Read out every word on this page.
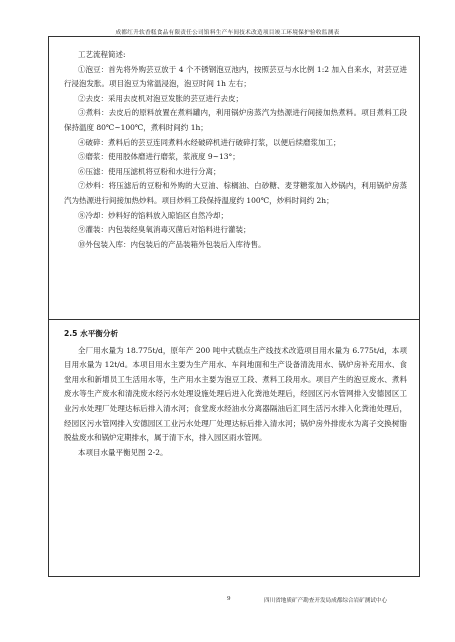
成都红升软香糕食品有限责任公司馅料生产车间技术改造项目竣工环境保护验收监测表

工艺流程简述:

①泡豆：首先将外购芸豆放于 4 个不锈钢泡豆池内，按照芸豆与水比例 1:2 加入自来水，对芸豆进行浸泡发胀。项目泡豆为常温浸泡，泡豆时间 1h 左右；

②去皮：采用去皮机对泡豆发胀的芸豆进行去皮；

③煮料：去皮后的原料放置在煮料罐内，利用锅炉房蒸汽为热源进行间接加热煮料。项目煮料工段保持温度 80℃~100℃，煮料时间约 1h；

④破碎：煮料后的芸豆连同煮料水经破碎机进行破碎打浆，以便后续磨浆加工；

⑤磨浆：使用胶体磨进行磨浆，浆液度 9~13°；

⑥压滤：使用压滤机将豆粉和水进行分离；

⑦炒料：将压滤后的豆粉和外购的大豆油、棕榈油、白砂糖、麦芽糖浆加入炒锅内，利用锅炉房蒸汽为热源进行间接加热炒料。项目炒料工段保持温度约 100℃，炒料时间约 2h；

⑧冷却：炒料好的馅料放入晾馅区自然冷却；

⑨灌装：内包装经臭氧消毒灭菌后对馅料进行灌装；

⑩外包装入库：内包装后的产品装箱外包装后入库待售。

2.5 水平衡分析

全厂用水量为 18.775t/d，原年产 200 吨中式糕点生产线技术改造项目用水量为 6.775t/d，本项目用水量为 12t/d。本项目用水主要为生产用水、车间地面和生产设备清洗用水、锅炉房补充用水、食堂用水和新增员工生活用水等，生产用水主要为泡豆工段、煮料工段用水。项目产生的泡豆废水、煮料废水等生产废水和清洗废水经污水处理设施处理后进入化粪池处理后，经园区污水管网排入安德园区工业污水处理厂处理达标后排入清水河；食堂废水经油水分离器隔油后汇同生活污水排入化粪池处理后，经园区污水管网排入安德园区工业污水处理厂处理达标后排入清水河；锅炉房外排废水为离子交换树脂脱盐废水和锅炉定期排水，属于清下水，排入园区雨水管网。

本项目水量平衡见图 2-2。

9	四川省地质矿产勘查开发局成都综合岩矿测试中心
